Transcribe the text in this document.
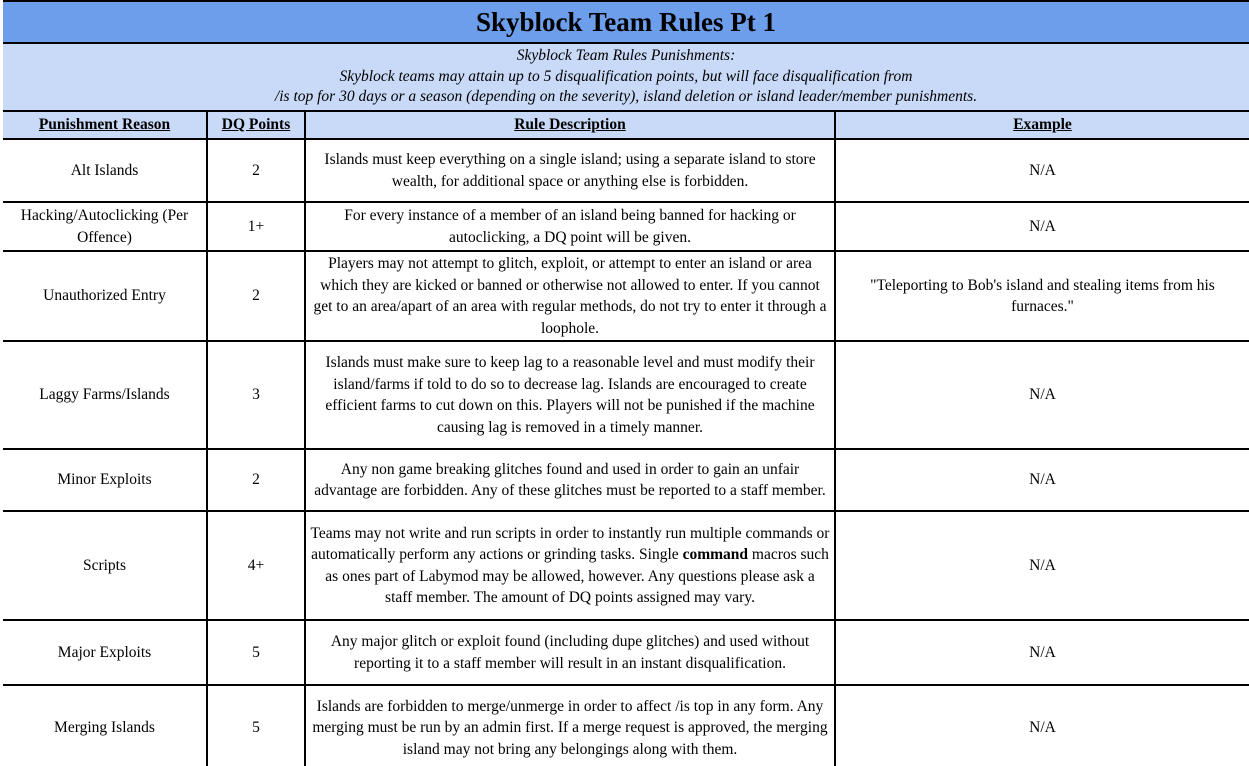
Skyblock Team Rules Pt 1
Skyblock Team Rules Punishments:
Skyblock teams may attain up to 5 disqualification points, but will face disqualification from
/is top for 30 days or a season (depending on the severity), island deletion or island leader/member punishments.
Punishment Reason	DQ Points	Rule Description	Example
Alt Islands	2	Islands must keep everything on a single island; using a separate island to store wealth, for additional space or anything else is forbidden.	N/A
Hacking/Autoclicking (Per Offence)	1+	For every instance of a member of an island being banned for hacking or autoclicking, a DQ point will be given.	N/A
Unauthorized Entry	2	Players may not attempt to glitch, exploit, or attempt to enter an island or area which they are kicked or banned or otherwise not allowed to enter. If you cannot get to an area/apart of an area with regular methods, do not try to enter it through a loophole.	"Teleporting to Bob's island and stealing items from his furnaces."
Laggy Farms/Islands	3	Islands must make sure to keep lag to a reasonable level and must modify their island/farms if told to do so to decrease lag. Islands are encouraged to create efficient farms to cut down on this. Players will not be punished if the machine causing lag is removed in a timely manner.	N/A
Minor Exploits	2	Any non game breaking glitches found and used in order to gain an unfair advantage are forbidden. Any of these glitches must be reported to a staff member.	N/A
Scripts	4+	Teams may not write and run scripts in order to instantly run multiple commands or automatically perform any actions or grinding tasks. Single command macros such as ones part of Labymod may be allowed, however. Any questions please ask a staff member. The amount of DQ points assigned may vary.	N/A
Major Exploits	5	Any major glitch or exploit found (including dupe glitches) and used without reporting it to a staff member will result in an instant disqualification.	N/A
Merging Islands	5	Islands are forbidden to merge/unmerge in order to affect /is top in any form. Any merging must be run by an admin first. If a merge request is approved, the merging island may not bring any belongings along with them.	N/A
